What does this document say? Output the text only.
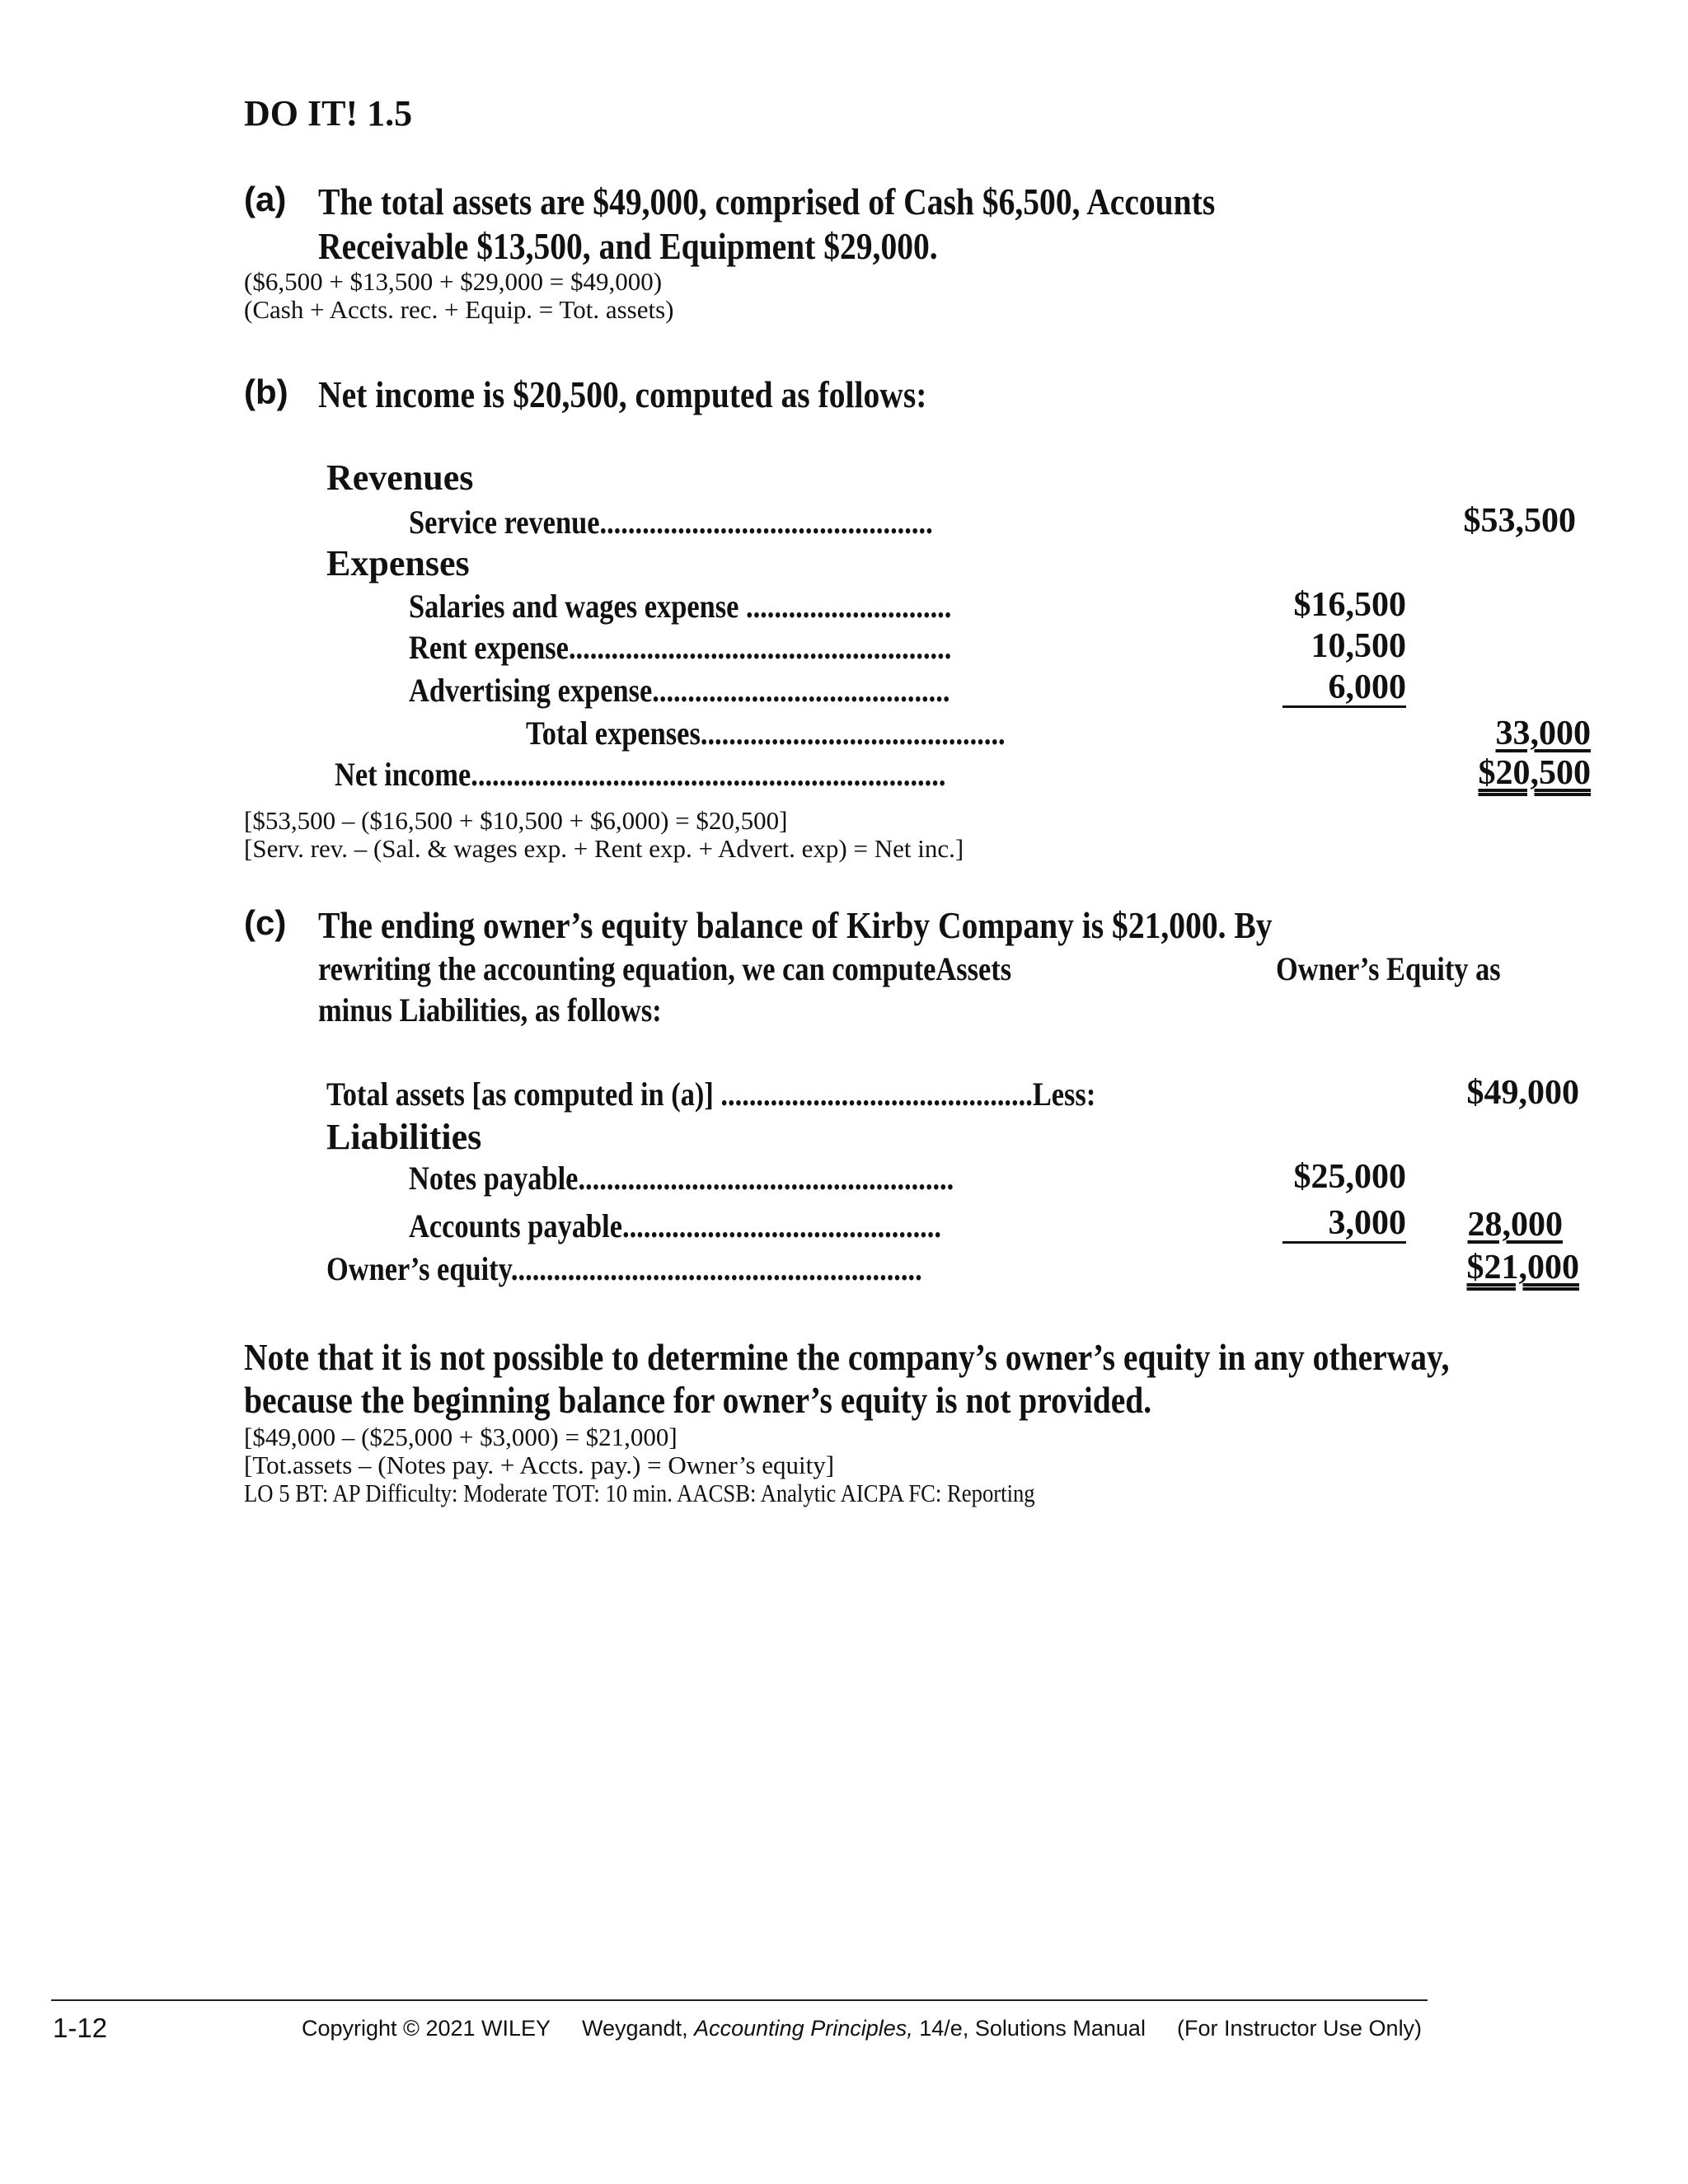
DO IT! 1.5
(a) The total assets are $49,000, comprised of Cash $6,500, Accounts
Receivable $13,500, and Equipment $29,000.
($6,500 + $13,500 + $29,000 = $49,000)
(Cash + Accts. rec. + Equip. = Tot. assets)
(b) Net income is $20,500, computed as follows:
Revenues
Service revenue...............................................	$53,500
Expenses
Salaries and wages expense .............................	$16,500
Rent expense......................................................	10,500
Advertising expense..........................................	6,000
Total expenses...........................................	33,000
Net income...................................................................	$20,500
[$53,500 – ($16,500 + $10,500 + $6,000) = $20,500]
[Serv. rev. – (Sal. & wages exp. + Rent exp. + Advert. exp) = Net inc.]
(c) The ending owner’s equity balance of Kirby Company is $21,000. By
rewriting the accounting equation, we can computeAssets	Owner’s Equity as
minus Liabilities, as follows:
Total assets [as computed in (a)] ............................................Less:	$49,000
Liabilities
Notes payable.....................................................	$25,000
Accounts payable.............................................	3,000	28,000
Owner’s equity..........................................................	$21,000
Note that it is not possible to determine the company’s owner’s equity in any otherway,
because the beginning balance for owner’s equity is not provided.
[$49,000 – ($25,000 + $3,000) = $21,000]
[Tot.assets – (Notes pay. + Accts. pay.) = Owner’s equity]
LO 5 BT: AP Difficulty: Moderate TOT: 10 min. AACSB: Analytic AICPA FC: Reporting
1-12	Copyright © 2021 WILEY Weygandt, Accounting Principles, 14/e, Solutions Manual (For Instructor Use Only)
